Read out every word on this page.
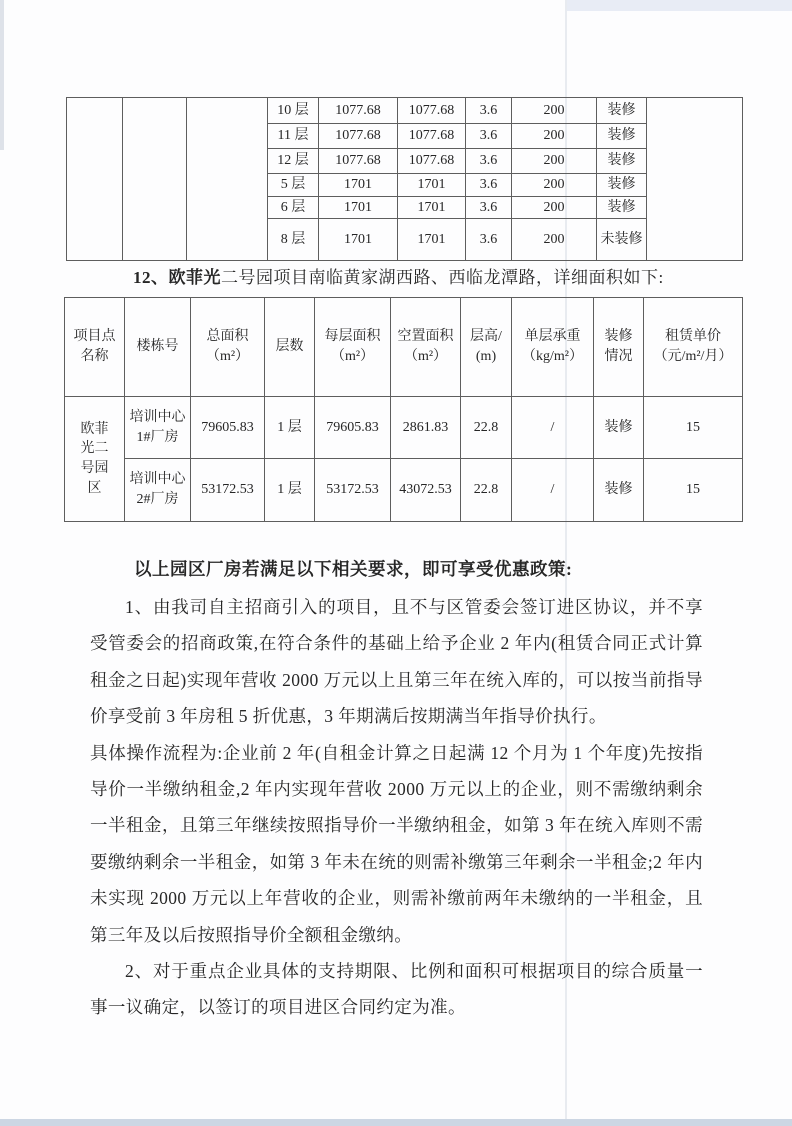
			10 层	1077.68	1077.68	3.6	200	装修	
			11 层	1077.68	1077.68	3.6	200	装修	
			12 层	1077.68	1077.68	3.6	200	装修	
			5 层	1701	1701	3.6	200	装修	
			6 层	1701	1701	3.6	200	装修	
			8 层	1701	1701	3.6	200	未装修	
12、欧菲光二号园项目南临黄家湖西路、西临龙潭路，详细面积如下:
项目点名称	楼栋号	总面积（m²）	层数	每层面积（m²）	空置面积（m²）	层高/(m)	单层承重（kg/m²）	装修情况	租赁单价（元/m²/月）
欧菲光二号园区	培训中心1#厂房	79605.83	1 层	79605.83	2861.83	22.8	/	装修	15
	培训中心2#厂房	53172.53	1 层	53172.53	43072.53	22.8	/	装修	15
以上园区厂房若满足以下相关要求，即可享受优惠政策:

1、由我司自主招商引入的项目，且不与区管委会签订进区协议，并不享受管委会的招商政策,在符合条件的基础上给予企业 2 年内(租赁合同正式计算租金之日起)实现年营收 2000 万元以上且第三年在统入库的，可以按当前指导价享受前 3 年房租 5 折优惠，3 年期满后按期满当年指导价执行。

具体操作流程为:企业前 2 年(自租金计算之日起满 12 个月为 1 个年度)先按指导价一半缴纳租金,2 年内实现年营收 2000 万元以上的企业，则不需缴纳剩余一半租金，且第三年继续按照指导价一半缴纳租金，如第 3 年在统入库则不需要缴纳剩余一半租金，如第 3 年未在统的则需补缴第三年剩余一半租金;2 年内未实现 2000 万元以上年营收的企业，则需补缴前两年未缴纳的一半租金，且第三年及以后按照指导价全额租金缴纳。

2、对于重点企业具体的支持期限、比例和面积可根据项目的综合质量一事一议确定，以签订的项目进区合同约定为准。
